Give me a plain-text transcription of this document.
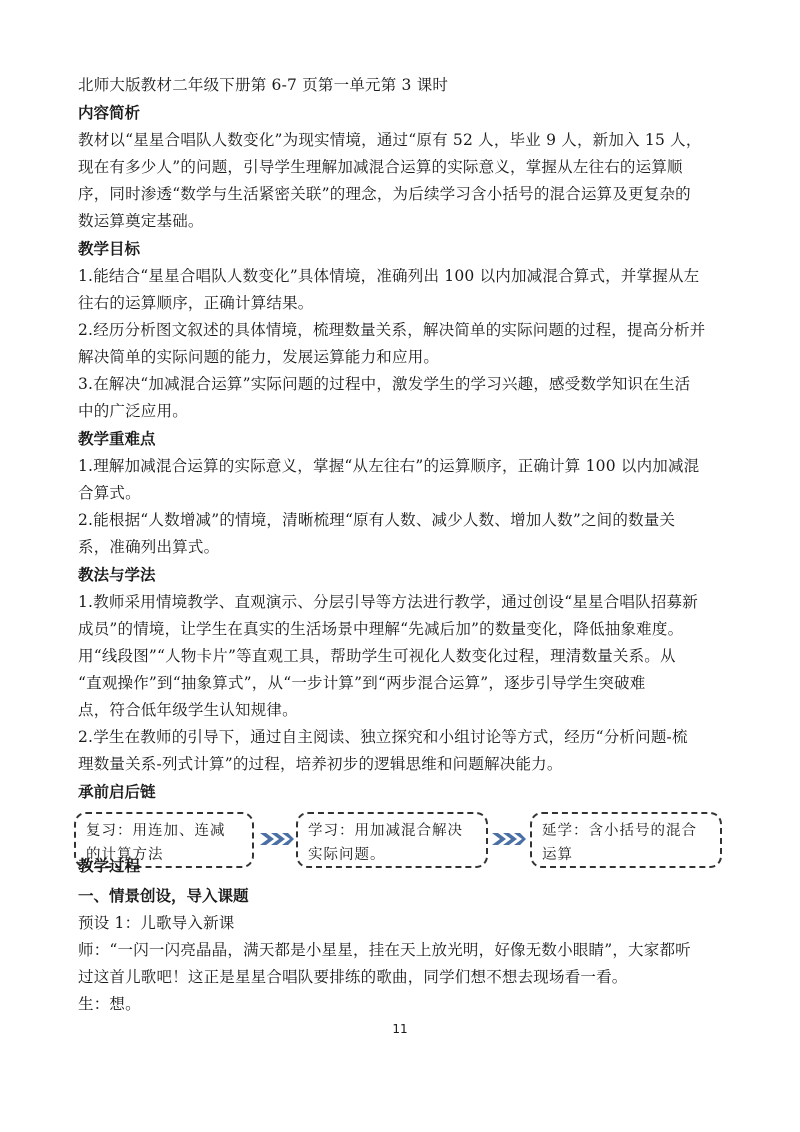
北师大版教材二年级下册第 6-7 页第一单元第 3 课时
内容简析
教材以“星星合唱队人数变化”为现实情境，通过“原有 52 人，毕业 9 人，新加入 15 人，
现在有多少人”的问题，引导学生理解加减混合运算的实际意义，掌握从左往右的运算顺
序，同时渗透“数学与生活紧密关联”的理念，为后续学习含小括号的混合运算及更复杂的
数运算奠定基础。
教学目标
1.能结合“星星合唱队人数变化”具体情境，准确列出 100 以内加减混合算式，并掌握从左
往右的运算顺序，正确计算结果。
2.经历分析图文叙述的具体情境，梳理数量关系，解决简单的实际问题的过程，提高分析并
解决简单的实际问题的能力，发展运算能力和应用。
3.在解决“加减混合运算”实际问题的过程中，激发学生的学习兴趣，感受数学知识在生活
中的广泛应用。
教学重难点
1.理解加减混合运算的实际意义，掌握“从左往右”的运算顺序，正确计算 100 以内加减混
合算式。
2.能根据“人数增减”的情境，清晰梳理“原有人数、减少人数、增加人数”之间的数量关
系，准确列出算式。
教法与学法
1.教师采用情境教学、直观演示、分层引导等方法进行教学，通过创设“星星合唱队招募新
成员”的情境，让学生在真实的生活场景中理解“先减后加”的数量变化，降低抽象难度。
用“线段图”“人物卡片”等直观工具，帮助学生可视化人数变化过程，理清数量关系。从
“直观操作”到“抽象算式”，从“一步计算”到“两步混合运算”，逐步引导学生突破难
点，符合低年级学生认知规律。
2.学生在教师的引导下，通过自主阅读、独立探究和小组讨论等方式，经历“分析问题-梳
理数量关系-列式计算”的过程，培养初步的逻辑思维和问题解决能力。
承前启后链
复习：用连加、连减
的计算方法
学习：用加减混合解决
实际问题。
延学：含小括号的混合
运算
教学过程
一、情景创设，导入课题
预设 1：儿歌导入新课
师：“一闪一闪亮晶晶，满天都是小星星，挂在天上放光明，好像无数小眼睛”，大家都听
过这首儿歌吧！这正是星星合唱队要排练的歌曲，同学们想不想去现场看一看。
生：想。
11
